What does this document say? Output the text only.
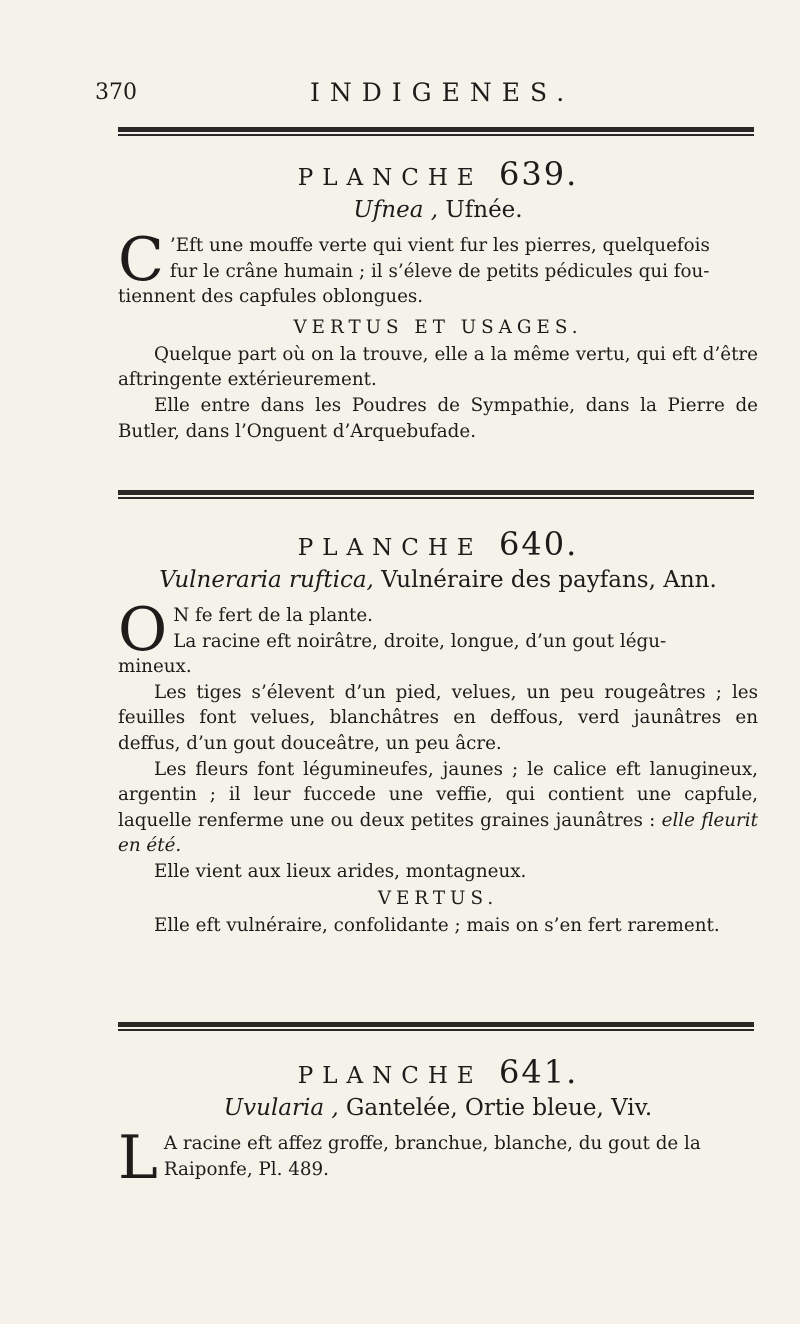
370	INDIGENES.
PLANCHE 639.
Ufnea , Ufnée.
C ’Eft une mouffe verte qui vient fur les pierres, quelquefois
fur le crâne humain ; il s’éleve de petits pédicules qui fou-
tiennent des capfules oblongues.
VERTUS ET USAGES.

Quelque part où on la trouve, elle a la même vertu, qui eft d’être aftringente extérieurement.

Elle entre dans les Poudres de Sympathie, dans la Pierre de Butler, dans l’Onguent d’Arquebufade.

PLANCHE 640.
Vulneraria ruftica, Vulnéraire des payfans, Ann.
O N fe fert de la plante.
La racine eft noirâtre, droite, longue, d’un gout légu-
mineux.

Les tiges s’élevent d’un pied, velues, un peu rougeâtres ; les feuilles font velues, blanchâtres en deffous, verd jaunâtres en deffus, d’un gout douceâtre, un peu âcre.

Les fleurs font légumineufes, jaunes ; le calice eft lanugineux, argentin ; il leur fuccede une veffie, qui contient une capfule, laquelle renferme une ou deux petites graines jaunâtres : elle fleurit en été.

Elle vient aux lieux arides, montagneux.

VERTUS.

Elle eft vulnéraire, confolidante ; mais on s’en fert rarement.

PLANCHE 641.
Uvularia , Gantelée, Ortie bleue, Viv.
L A racine eft affez groffe, branchue, blanche, du gout de la
Raiponfe, Pl. 489.
